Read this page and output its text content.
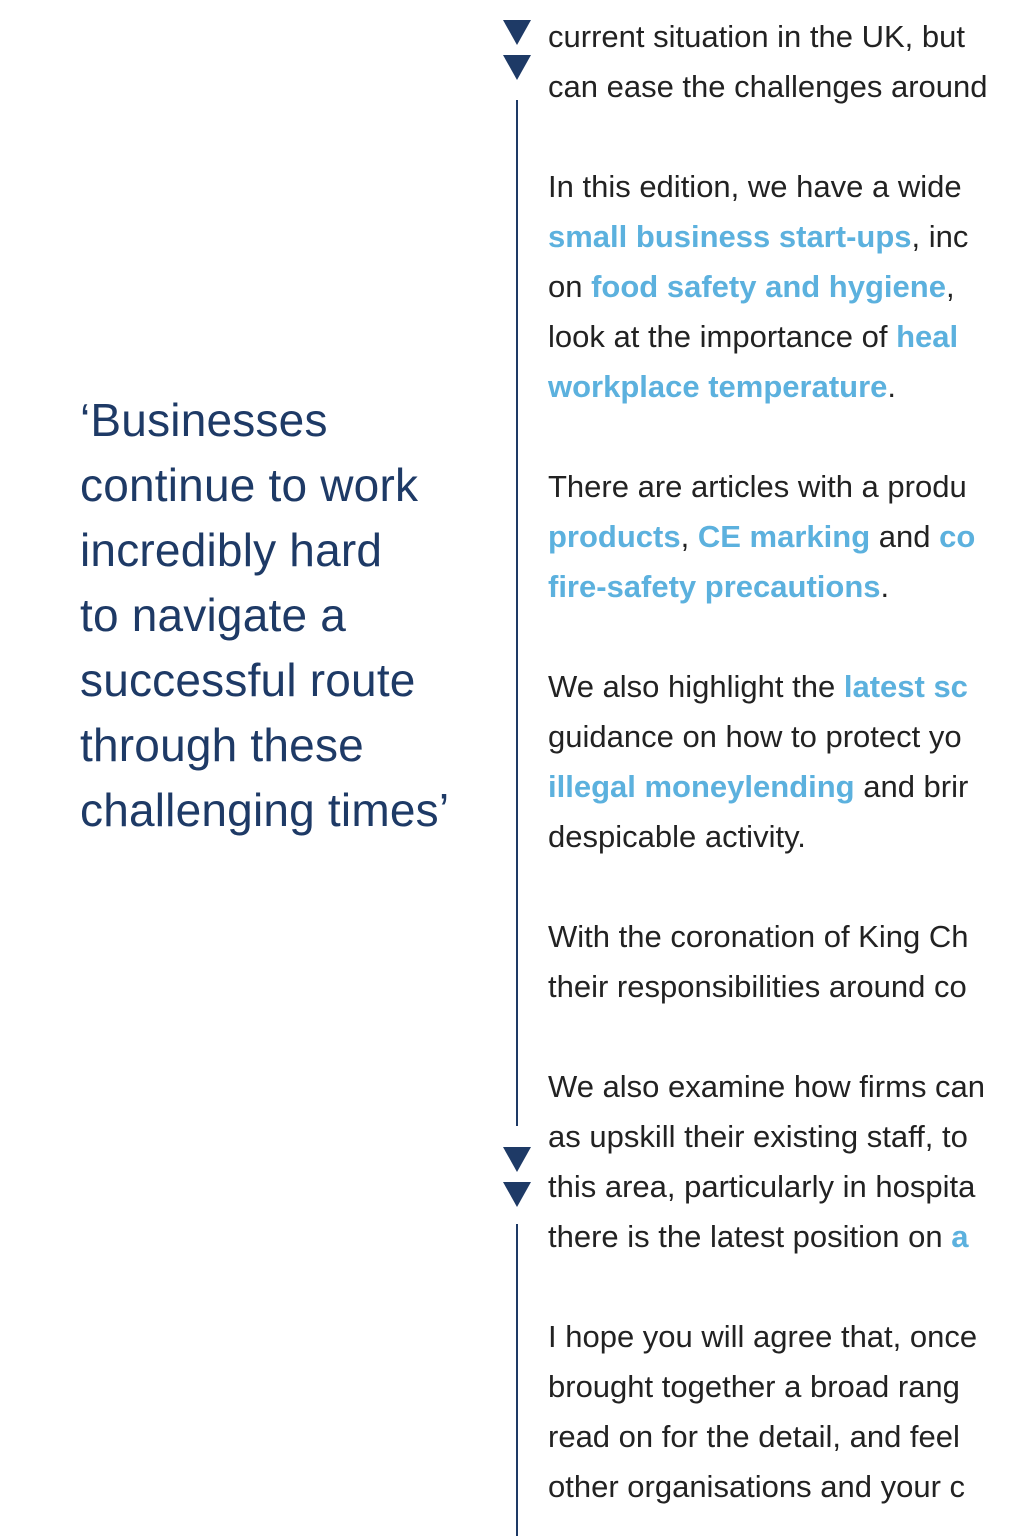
‘Businesses
continue to work
incredibly hard
to navigate a
successful route
through these
challenging times’
current situation in the UK, but
can ease the challenges around
In this edition, we have a wide
small business start-ups, inc
on food safety and hygiene,
look at the importance of heal
workplace temperature.
There are articles with a produ
products, CE marking and co
fire-safety precautions.
We also highlight the latest sc
guidance on how to protect yo
illegal moneylending and brir
despicable activity.
With the coronation of King Ch
their responsibilities around co
We also examine how firms can
as upskill their existing staff, to
this area, particularly in hospita
there is the latest position on a
I hope you will agree that, once
brought together a broad rang
read on for the detail, and feel
other organisations and your c
